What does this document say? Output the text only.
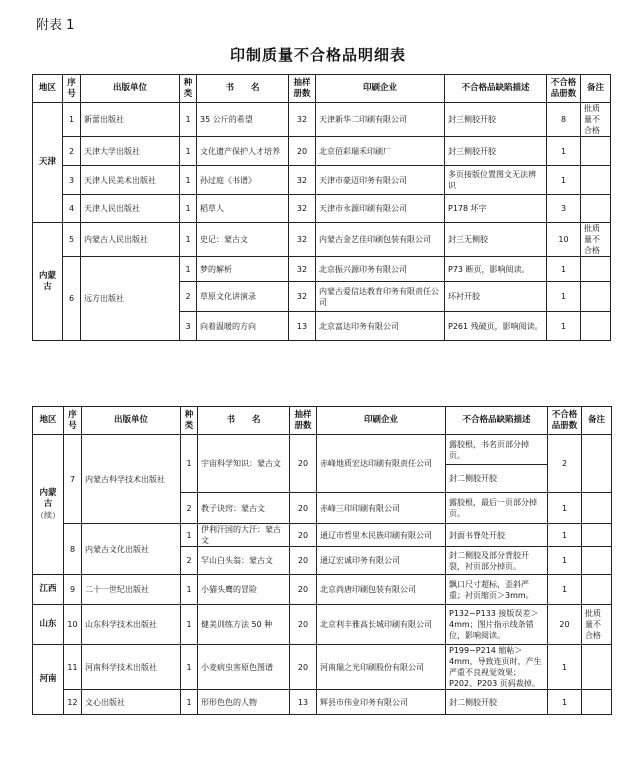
附表 1
印制质量不合格品明细表
地区	序号	出版单位	种类	书　　名	抽样册数	印刷企业	不合格品缺陷描述	不合格品册数	备注
天津	1	新蕾出版社	1	35 公斤的希望	32	天津新华二印刷有限公司	封三侧胶开胶	8	批质量不合格
	2	天津大学出版社	1	文化遗产保护人才培养	20	北京佰彩瑞禾印刷厂	封三侧胶开胶	1	
	3	天津人民美术出版社	1	孙过庭《书谱》	32	天津市豪迈印务有限公司	多页接版位置图文无法辨识	1	
	4	天津人民出版社	1	稻草人	32	天津市永源印刷有限公司	P178 坏字	3	
内蒙古	5	内蒙古人民出版社	1	史记：蒙古文	32	内蒙古金艺佳印刷包装有限公司	封三无侧胶	10	批质量不合格
	6	远方出版社	1	梦的解析	32	北京振兴源印务有限公司	P73 断页，影响阅读。	1	
			2	草原文化讲演录	32	内蒙古爱信达教育印务有限责任公司	环衬开胶	1	
			3	向着温暖的方向	13	北京富达印务有限公司	P261 残破页，影响阅读。	1	
地区	序号	出版单位	种类	书　　名	抽样册数	印刷企业	不合格品缺陷描述	不合格品册数	备注
内蒙古
（续）	7	内蒙古科学技术出版社	1	宇宙科学知识：蒙古文	20	赤峰地质宏达印刷有限责任公司	露胶根，书名页部分掉页。	2	
							封二侧胶开胶		
			2	教子诀窍：蒙古文	20	赤峰三印印刷有限公司	露胶根，最后一页部分掉页。	1	
	8	内蒙古文化出版社	1	伊利汗国的大汗：蒙古文	20	通辽市哲里木民族印刷有限公司	封面书脊处开胶	1	
			2	罕山白头翁：蒙古文	20	通辽宏诚印务有限公司	封二侧胶及部分背胶开裂，衬页部分掉页。	1	
江西	9	二十一世纪出版社	1	小猫头鹰的冒险	20	北京尚唐印刷包装有限公司	飘口尺寸超标，歪斜严重；衬页缩页＞3mm。	1	
山东	10	山东科学技术出版社	1	健美训练方法 50 种	20	北京利丰雅高长城印刷有限公司	P132~P133 接版误差＞4mm；图片指示线条错位，影响阅读。	20	批质量不合格
河南	11	河南科学技术出版社	1	小麦病虫害原色图谱	20	河南瑞之光印刷股份有限公司	P199~P214 缩帖＞4mm，导致连页时，产生严重不良视觉效果；P202、P203 页码裁掉。	1	
	12	文心出版社	1	形形色色的人物	13	辉县市伟业印务有限公司	封二侧胶开胶	1	
